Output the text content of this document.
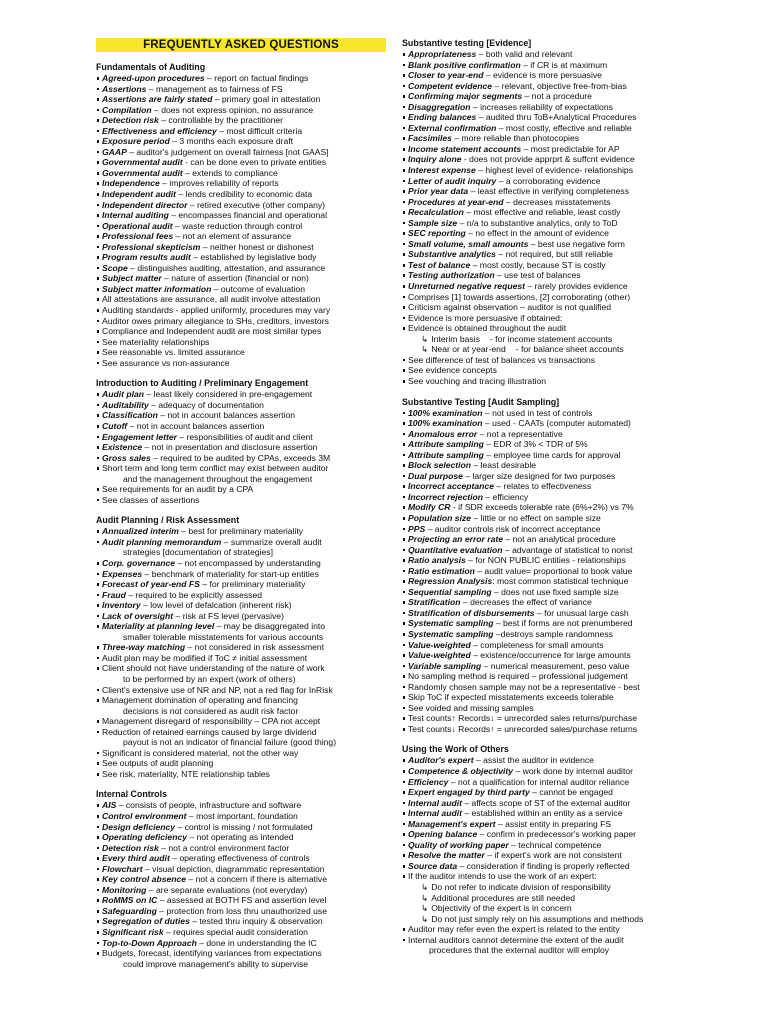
FREQUENTLY ASKED QUESTIONS
Fundamentals of Auditing
Agreed-upon procedures – report on factual findings
Assertions – management as to fairness of FS
Assertions are fairly stated – primary goal in attestation
Compilation – does not express opinion, no assurance
Detection risk – controllable by the practitioner
Effectiveness and efficiency – most difficult criteria
Exposure period – 3 months each exposure draft
GAAP – auditor's judgement on overall fairness [not GAAS]
Governmental audit - can be done even to private entities
Governmental audit – extends to compliance
Independence – improves reliability of reports
Independent audit – lends credibility to economic data
Independent director – retired executive (other company)
Internal auditing – encompasses financial and operational
Operational audit – waste reduction through control
Professional fees – not an element of assurance
Professional skepticism – neither honest or dishonest
Program results audit – established by legislative body
Scope – distinguishes auditing, attestation, and assurance
Subject matter – nature of assertion (financial or non)
Subject matter information – outcome of evaluation
All attestations are assurance, all audit involve attestation
Auditing standards - applied uniformly, procedures may vary
Auditor owes primary allegiance to SHs, creditors, investors
Compliance and Independent audit are most similar types
See materiality relationships
See reasonable vs. limited assurance
See assurance vs non-assurance
Introduction to Auditing / Preliminary Engagement
Audit plan – least likely considered in pre-engagement
Auditability – adequacy of documentation
Classification – not in account balances assertion
Cutoff – not in account balances assertion
Engagement letter – responsibilities of audit and client
Existence – not in presentation and disclosure assertion
Gross sales – required to be audited by CPAs, exceeds 3M
Short term and long term conflict may exist between auditor
and the management throughout the engagement
See requirements for an audit by a CPA
See classes of assertions
Audit Planning / Risk Assessment
Annualized interim – best for preliminary materiality
Audit planning memorandum – summarize overall audit
strategies [documentation of strategies]
Corp. governance – not encompassed by understanding
Expenses – benchmark of materiality for start-up entities
Forecast of year-end FS – for preliminary materiality
Fraud – required to be explicitly assessed
Inventory – low level of defalcation (inherent risk)
Lack of oversight – risk at FS level (pervasive)
Materiality at planning level – may be disaggregated into
smaller tolerable misstatements for various accounts
Three-way matching – not considered in risk assessment
Audit plan may be modified if ToC ≠ initial assessment
Client should not have understanding of the nature of work
to be performed by an expert (work of others)
Client's extensive use of NR and NP, not a red flag for InRisk
Management domination of operating and financing
decisions is not considered as audit risk factor
Management disregard of responsibility – CPA not accept
Reduction of retained earnings caused by large dividend
payout is not an indicator of financial failure (good thing)
Significant is considered material, not the other way
See outputs of audit planning
See risk, materiality, NTE relationship tables
Internal Controls
AIS – consists of people, infrastructure and software
Control environment – most important, foundation
Design deficiency – control is missing / not formulated
Operating deficiency – not operating as intended
Detection risk – not a control environment factor
Every third audit – operating effectiveness of controls
Flowchart – visual depiction, diagrammatic representation
Key control absence – not a concern if there is alternative
Monitoring – are separate evaluations (not everyday)
RoMMS on IC – assessed at BOTH FS and assertion level
Safeguarding – protection from loss thru unauthorized use
Segregation of duties – tested thru inquiry & observation
Significant risk – requires special audit consideration
Top-to-Down Approach – done in understanding the IC
Budgets, forecast, identifying variances from expectations
could improve management's ability to supervise
Substantive testing [Evidence]
Appropriateness – both valid and relevant
Blank positive confirmation – if CR is at maximum
Closer to year-end – evidence is more persuasive
Competent evidence – relevant, objective free-from-bias
Confirming major segments – not a procedure
Disaggregation – increases reliability of expectations
Ending balances – audited thru ToB+Analytical Procedures
External confirmation – most costly, effective and reliable
Facsimiles – more reliable than photocopies
Income statement accounts – most predictable for AP
Inquiry alone - does not provide apprprt & suffcnt evidence
Interest expense – highest level of evidence- relationships
Letter of audit inquiry – a corroborating evidence
Prior year data – least effective in verifying completeness
Procedures at year-end – decreases misstatements
Recalculation – most effective and reliable, least costly
Sample size – n/a to substantive analytics, only to ToD
SEC reporting – no effect in the amount of evidence
Small volume, small amounts – best use negative form
Substantive analytics – not required, but still reliable
Test of balance – most costly, because ST is costly
Testing authorization – use test of balances
Unreturned negative request – rarely provides evidence
Comprises [1] towards assertions, [2] corroborating (other)
Criticism against observation – auditor is not qualified
Evidence is more persuasive if obtained:
Evidence is obtained throughout the audit
↳ Interim basis - for income statement accounts
↳ Near or at year-end - for balance sheet accounts
See difference of test of balances vs transactions
See evidence concepts
See vouching and tracing illustration
Substantive Testing [Audit Sampling]
100% examination – not used in test of controls
100% examination – used - CAATs (computer automated)
Anomalous error – not a representative
Attribute sampling – EDR of 3% < TDR of 5%
Attribute sampling – employee time cards for approval
Block selection – least desirable
Dual purpose – larger size designed for two purposes
Incorrect acceptance – relates to effectiveness
Incorrect rejection – efficiency
Modify CR - if SDR exceeds tolerable rate (6%+2%) vs 7%
Population size – little or no effect on sample size
PPS – auditor controls risk of incorrect acceptance
Projecting an error rate – not an analytical procedure
Quantitative evaluation – advantage of statistical to nonst
Ratio analysis – for NON PUBLIC entities - relationships
Ratio estimation – audit value= proportional to book value
Regression Analysis: most common statistical technique
Sequential sampling – does not use fixed sample size
Stratification – decreases the effect of variance
Stratification of disbursements – for unusual large cash
Systematic sampling – best if forms are not prenumbered
Systematic sampling –destroys sample randomness
Value-weighted – completeness for small amounts
Value-weighted – existence/occurrence for large amounts
Variable sampling – numerical measurement, peso value
No sampling method is required – professional judgement
Randomly chosen sample may not be a representative - best
Skip ToC if expected misstatements exceeds tolerable
See voided and missing samples
Test counts↑ Records↓ = unrecorded sales returns/purchase
Test counts↓ Records↑ = unrecorded sales/purchase returns
Using the Work of Others
Auditor's expert – assist the auditor in evidence
Competence & objectivity – work done by internal auditor
Efficiency – not a qualification for internal auditor reliance
Expert engaged by third party – cannot be engaged
Internal audit – affects scope of ST of the external auditor
Internal audit – established within an entity as a service
Management's expert – assist entity in preparing FS
Opening balance – confirm in predecessor's working paper
Quality of working paper – technical competence
Resolve the matter – if expert's work are not consistent
Source data – consideration if finding is properly reflected
If the auditor intends to use the work of an expert:
↳ Do not refer to indicate division of responsibility
↳ Additional procedures are still needed
↳ Objectivity of the expert is in concern
↳ Do not just simply rely on his assumptions and methods
Auditor may refer even the expert is related to the entity
Internal auditors cannot determine the extent of the audit
procedures that the external auditor will employ
